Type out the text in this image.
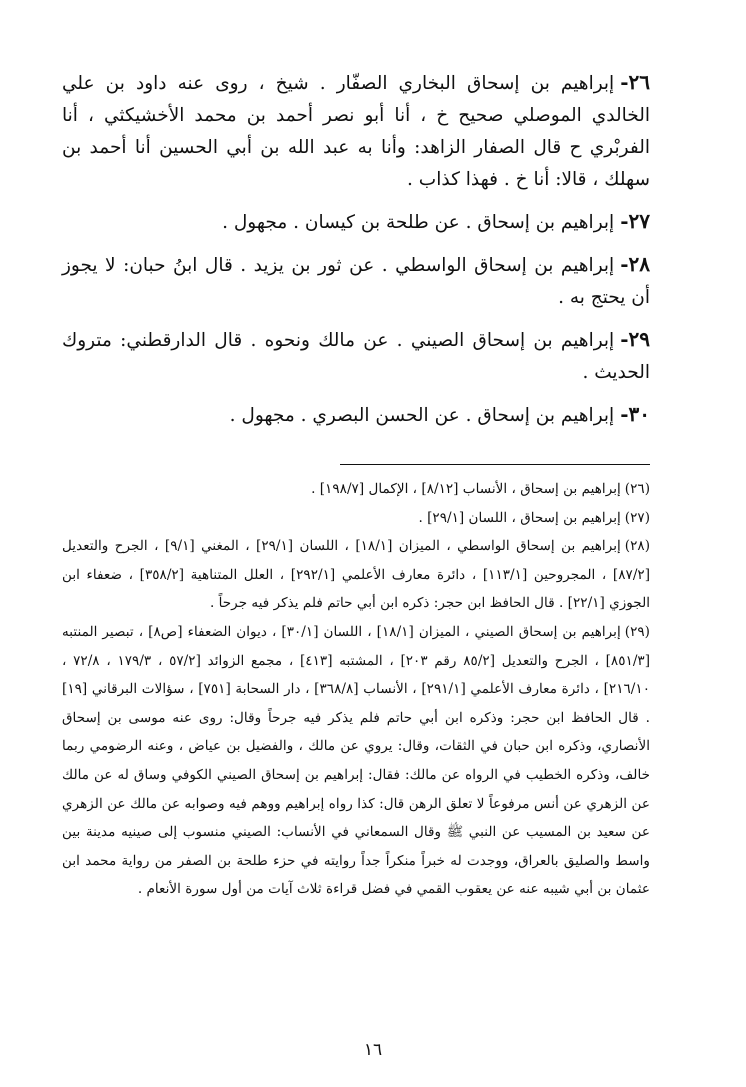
٢٦-إبراهيم بن إسحاق البخاري الصفّار . شيخ ، روى عنه داود بن علي الخالدي الموصلي صحيح خ ، أنا أبو نصر أحمد بن محمد الأخشيكثي ، أنا الفربْري ح قال الصفار الزاهد: وأنا به عبد الله بن أبي الحسين أنا أحمد بن سهلك ، قالا: أنا خ . فهذا كذاب .

٢٧-إبراهيم بن إسحاق . عن طلحة بن كيسان . مجهول .

٢٨-إبراهيم بن إسحاق الواسطي . عن ثور بن يزيد . قال ابنُ حبان: لا يجوز أن يحتج به .

٢٩-إبراهيم بن إسحاق الصيني . عن مالك ونحوه . قال الدارقطني: متروك الحديث .

٣٠-إبراهيم بن إسحاق . عن الحسن البصري . مجهول .

(٢٦)إبراهيم بن إسحاق ، الأنساب [٨/١٢] ، الإكمال [١٩٨/٧] .

(٢٧)إبراهيم بن إسحاق ، اللسان [٢٩/١] .

(٢٨)إبراهيم بن إسحاق الواسطي ، الميزان [١٨/١] ، اللسان [٢٩/١] ، المغني [٩/١] ، الجرح والتعديل [٨٧/٢] ، المجروحين [١١٣/١] ، دائرة معارف الأعلمي [٢٩٢/١] ، العلل المتناهية [٣٥٨/٢] ، ضعفاء ابن الجوزي [٢٢/١] . قال الحافظ ابن حجر: ذكره ابن أبي حاتم فلم يذكر فيه جرحاً .

(٢٩)إبراهيم بن إسحاق الصيني ، الميزان [١٨/١] ، اللسان [٣٠/١] ، ديوان الضعفاء [ص٨] ، تبصير المنتبه [٨٥١/٣] ، الجرح والتعديل [٨٥/٢ رقم ٢٠٣] ، المشتبه [٤١٣] ، مجمع الزوائد [٥٧/٢ ، ١٧٩/٣ ، ٧٢/٨ ، ٢١٦/١٠] ، دائرة معارف الأعلمي [٢٩١/١] ، الأنساب [٣٦٨/٨] ، دار السحابة [٧٥١] ، سؤالات البرقاني [١٩] . قال الحافظ ابن حجر: وذكره ابن أبي حاتم فلم يذكر فيه جرحاً وقال: روى عنه موسى بن إسحاق الأنصاري، وذكره ابن حبان في الثقات، وقال: يروي عن مالك ، والفضيل بن عياض ، وعنه الرضومي ربما خالف، وذكره الخطيب في الرواه عن مالك: فقال: إبراهيم بن إسحاق الصيني الكوفي وساق له عن مالك عن الزهري عن أنس مرفوعاً لا تعلق الرهن قال: كذا رواه إبراهيم ووهم فيه وصوابه عن مالك عن الزهري عن سعيد بن المسيب عن النبي ﷺ وقال السمعاني في الأنساب: الصيني منسوب إلى صينيه مدينة بين واسط والصليق بالعراق، ووجدت له خبراً منكراً جداً روايته في حزء طلحة بن الصفر من رواية محمد ابن عثمان بن أبي شيبه عنه عن يعقوب القمي في فضل قراءة ثلاث آيات من أول سورة الأنعام .

١٦
